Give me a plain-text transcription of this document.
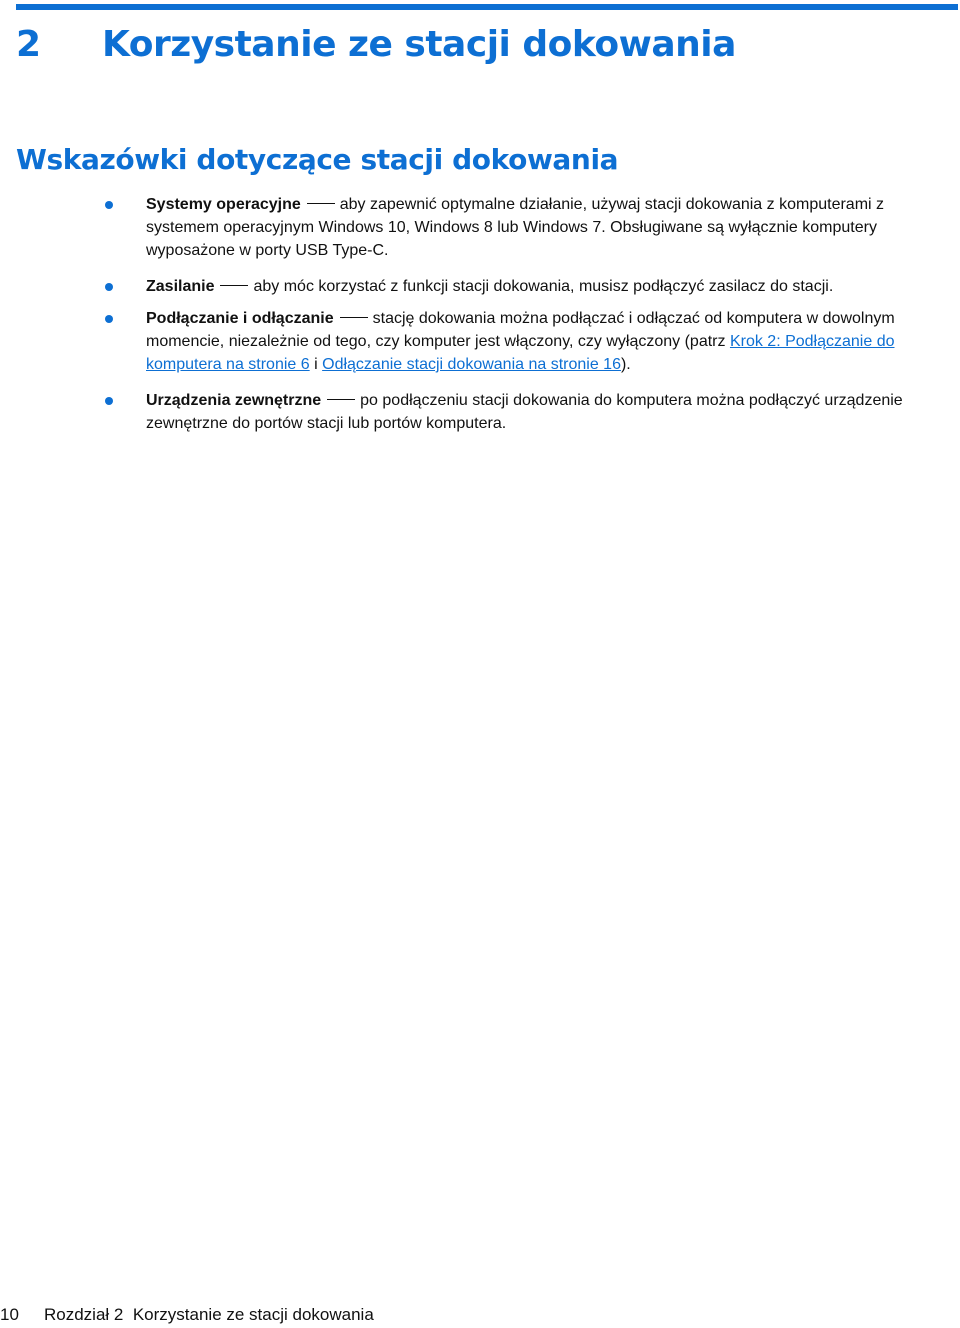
2 Korzystanie ze stacji dokowania
Wskazówki dotyczące stacji dokowania
Systemy operacyjne aby zapewnić optymalne działanie, używaj stacji dokowania z komputerami z systemem operacyjnym Windows 10, Windows 8 lub Windows 7. Obsługiwane są wyłącznie komputery wyposażone w porty USB Type-C.
Zasilanie aby móc korzystać z funkcji stacji dokowania, musisz podłączyć zasilacz do stacji.
Podłączanie i odłączanie stację dokowania można podłączać i odłączać od komputera w dowolnym momencie, niezależnie od tego, czy komputer jest włączony, czy wyłączony (patrz Krok 2: Podłączanie do komputera na stronie 6 i Odłączanie stacji dokowania na stronie 16).
Urządzenia zewnętrzne po podłączeniu stacji dokowania do komputera można podłączyć urządzenie zewnętrzne do portów stacji lub portów komputera.
10 Rozdział 2 Korzystanie ze stacji dokowania
